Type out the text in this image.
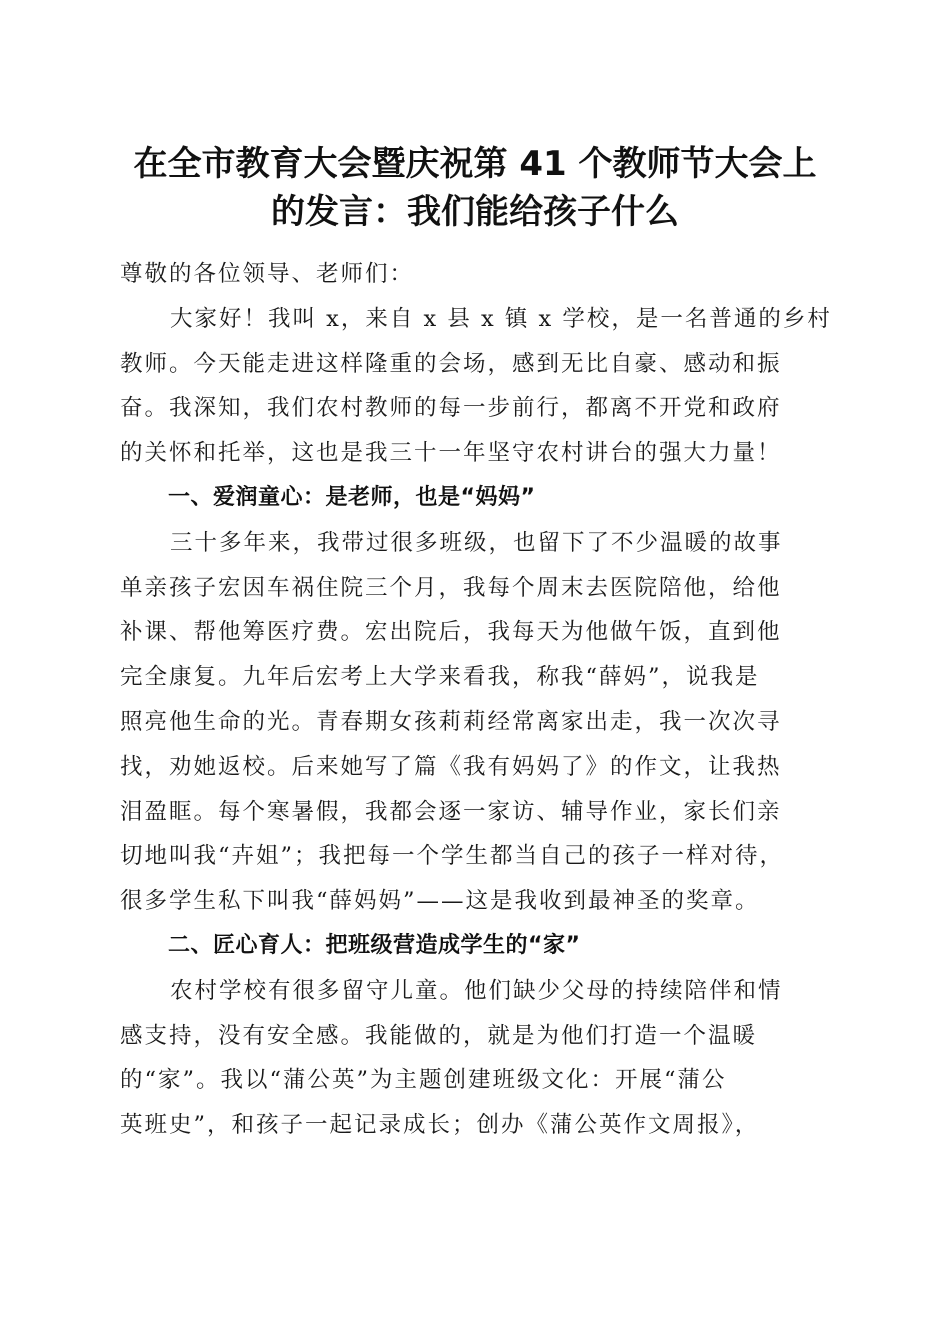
在全市教育大会暨庆祝第 41 个教师节大会上
的发言：我们能给孩子什么

尊敬的各位领导、老师们：

大家好！我叫 x，来自 x 县 x 镇 x 学校，是一名普通的乡村

教师。今天能走进这样隆重的会场，感到无比自豪、感动和振

奋。我深知，我们农村教师的每一步前行，都离不开党和政府

的关怀和托举，这也是我三十一年坚守农村讲台的强大力量！

一、爱润童心：是老师，也是“妈妈”

三十多年来，我带过很多班级，也留下了不少温暖的故事

单亲孩子宏因车祸住院三个月，我每个周末去医院陪他，给他

补课、帮他筹医疗费。宏出院后，我每天为他做午饭，直到他

完全康复。九年后宏考上大学来看我，称我“薛妈”，说我是

照亮他生命的光。青春期女孩莉莉经常离家出走，我一次次寻

找，劝她返校。后来她写了篇《我有妈妈了》的作文，让我热

泪盈眶。每个寒暑假，我都会逐一家访、辅导作业，家长们亲

切地叫我“卉姐”；我把每一个学生都当自己的孩子一样对待，

很多学生私下叫我“薛妈妈”——这是我收到最神圣的奖章。

二、匠心育人：把班级营造成学生的“家”

农村学校有很多留守儿童。他们缺少父母的持续陪伴和情

感支持，没有安全感。我能做的，就是为他们打造一个温暖

的“家”。我以“蒲公英”为主题创建班级文化：开展“蒲公

英班史”，和孩子一起记录成长；创办《蒲公英作文周报》，
